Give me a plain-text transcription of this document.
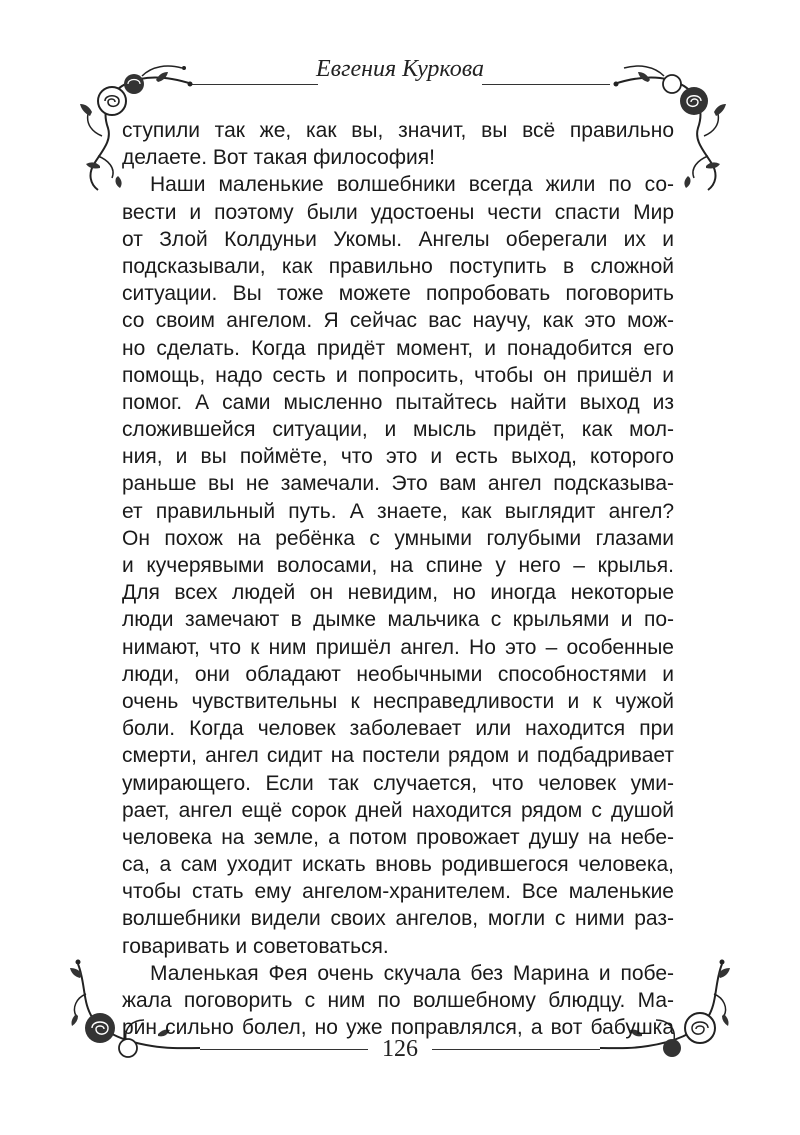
Евгения Куркова
ступили так же, как вы, значит, вы всё правильно
делаете. Вот такая философия!
Наши маленькие волшебники всегда жили по со-
вести и поэтому были удостоены чести спасти Мир
от Злой Колдуньи Укомы. Ангелы оберегали их и
подсказывали, как правильно поступить в сложной
ситуации. Вы тоже можете попробовать поговорить
со своим ангелом. Я сейчас вас научу, как это мож-
но сделать. Когда придёт момент, и понадобится его
помощь, надо сесть и попросить, чтобы он пришёл и
помог. А сами мысленно пытайтесь найти выход из
сложившейся ситуации, и мысль придёт, как мол-
ния, и вы поймёте, что это и есть выход, которого
раньше вы не замечали. Это вам ангел подсказыва-
ет правильный путь. А знаете, как выглядит ангел?
Он похож на ребёнка с умными голубыми глазами
и кучерявыми волосами, на спине у него – крылья.
Для всех людей он невидим, но иногда некоторые
люди замечают в дымке мальчика с крыльями и по-
нимают, что к ним пришёл ангел. Но это – особенные
люди, они обладают необычными способностями и
очень чувствительны к несправедливости и к чужой
боли. Когда человек заболевает или находится при
смерти, ангел сидит на постели рядом и подбадривает
умирающего. Если так случается, что человек уми-
рает, ангел ещё сорок дней находится рядом с душой
человека на земле, а потом провожает душу на небе-
са, а сам уходит искать вновь родившегося человека,
чтобы стать ему ангелом-хранителем. Все маленькие
волшебники видели своих ангелов, могли с ними раз-
говаривать и советоваться.
Маленькая Фея очень скучала без Марина и побе-
жала поговорить с ним по волшебному блюдцу. Ма-
рин сильно болел, но уже поправлялся, а вот бабушка
126
